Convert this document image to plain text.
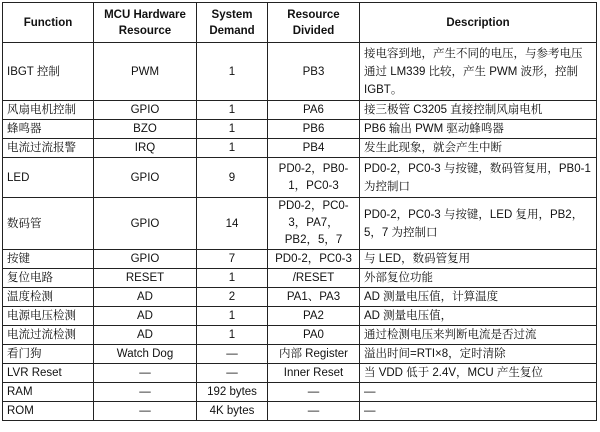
Function	MCU Hardware Resource	System Demand	Resource Divided	Description
IBGT 控制	PWM	1	PB3	接电容到地，产生不同的电压，与参考电压通过 LM339 比较，产生 PWM 波形，控制 IGBT。
风扇电机控制	GPIO	1	PA6	接三极管 C3205 直接控制风扇电机
蜂鸣器	BZO	1	PB6	PB6 输出 PWM 驱动蜂鸣器
电流过流报警	IRQ	1	PB4	发生此现象，就会产生中断
LED	GPIO	9	PD0-2，PB0-1，PC0-3	PD0-2，PC0-3 与按键，数码管复用，PB0-1 为控制口
数码管	GPIO	14	PD0-2，PC0-3，PA7，PB2，5，7	PD0-2，PC0-3 与按键，LED 复用，PB2，5，7 为控制口
按键	GPIO	7	PD0-2，PC0-3	与 LED，数码管复用
复位电路	RESET	1	/RESET	外部复位功能
温度检测	AD	2	PA1、PA3	AD 测量电压值，计算温度
电源电压检测	AD	1	PA2	AD 测量电压值，
电流过流检测	AD	1	PA0	通过检测电压来判断电流是否过流
看门狗	Watch Dog	—	内部 Register	溢出时间=RTI×8，定时清除
LVR Reset	—	—	Inner Reset	当 VDD 低于 2.4V，MCU 产生复位
RAM	—	192 bytes	—	—
ROM	—	4K bytes	—	—
